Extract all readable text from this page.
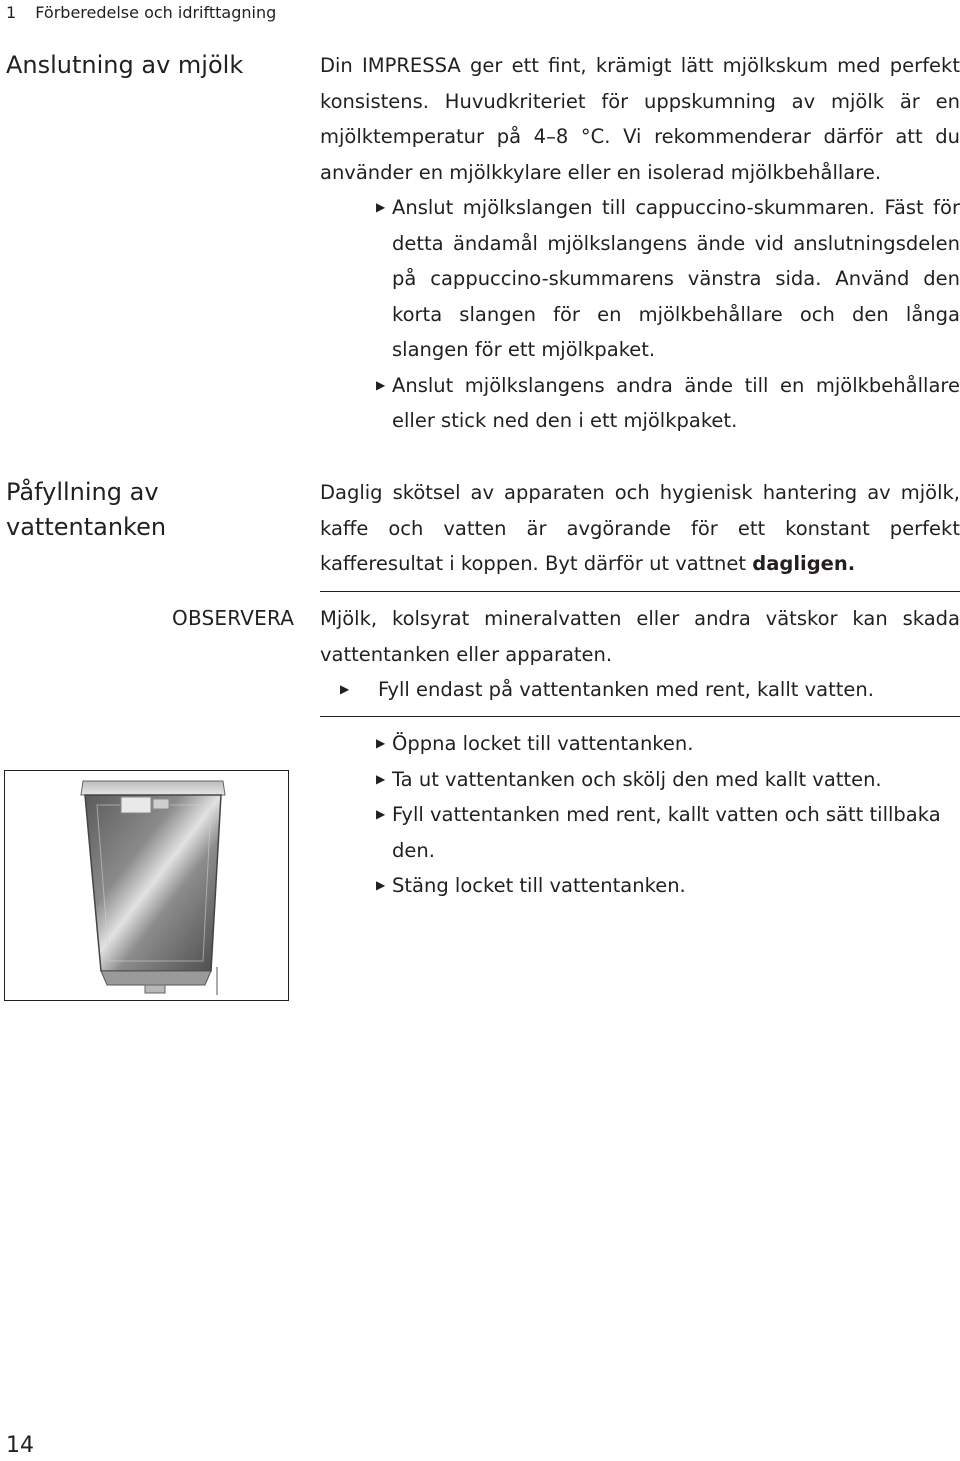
1 Förberedelse och idrifttagning
Anslutning av mjölk	Din IMPRESSA ger ett fint, krämigt lätt mjölkskum med perfekt konsistens. Huvudkriteriet för uppskumning av mjölk är en mjölktemperatur på 4–8 °C. Vi rekommenderar därför att du använder en mjölkkylare eller en isolerad mjölkbehållare.

▶ Anslut mjölkslangen till cappuccino-skummaren. Fäst för detta ändamål mjölkslangens ände vid anslutningsdelen på cappuccino-skummarens vänstra sida. Använd den korta slangen för en mjölkbehållare och den långa slangen för ett mjölkpaket.

▶ Anslut mjölkslangens andra ände till en mjölkbehållare eller stick ned den i ett mjölkpaket.

Påfyllning av
vattentanken

Daglig skötsel av apparaten och hygienisk hantering av mjölk, kaffe och vatten är avgörande för ett konstant perfekt kafferesultat i koppen. Byt därför ut vattnet dagligen.

OBSERVERA Mjölk, kolsyrat mineralvatten eller andra vätskor kan skada vattentanken eller apparaten.

▶ Fyll endast på vattentanken med rent, kallt vatten.

▶ Öppna locket till vattentanken.
▶ Ta ut vattentanken och skölj den med kallt vatten.
▶ Fyll vattentanken med rent, kallt vatten och sätt tillbaka den.
▶ Stäng locket till vattentanken.
14
